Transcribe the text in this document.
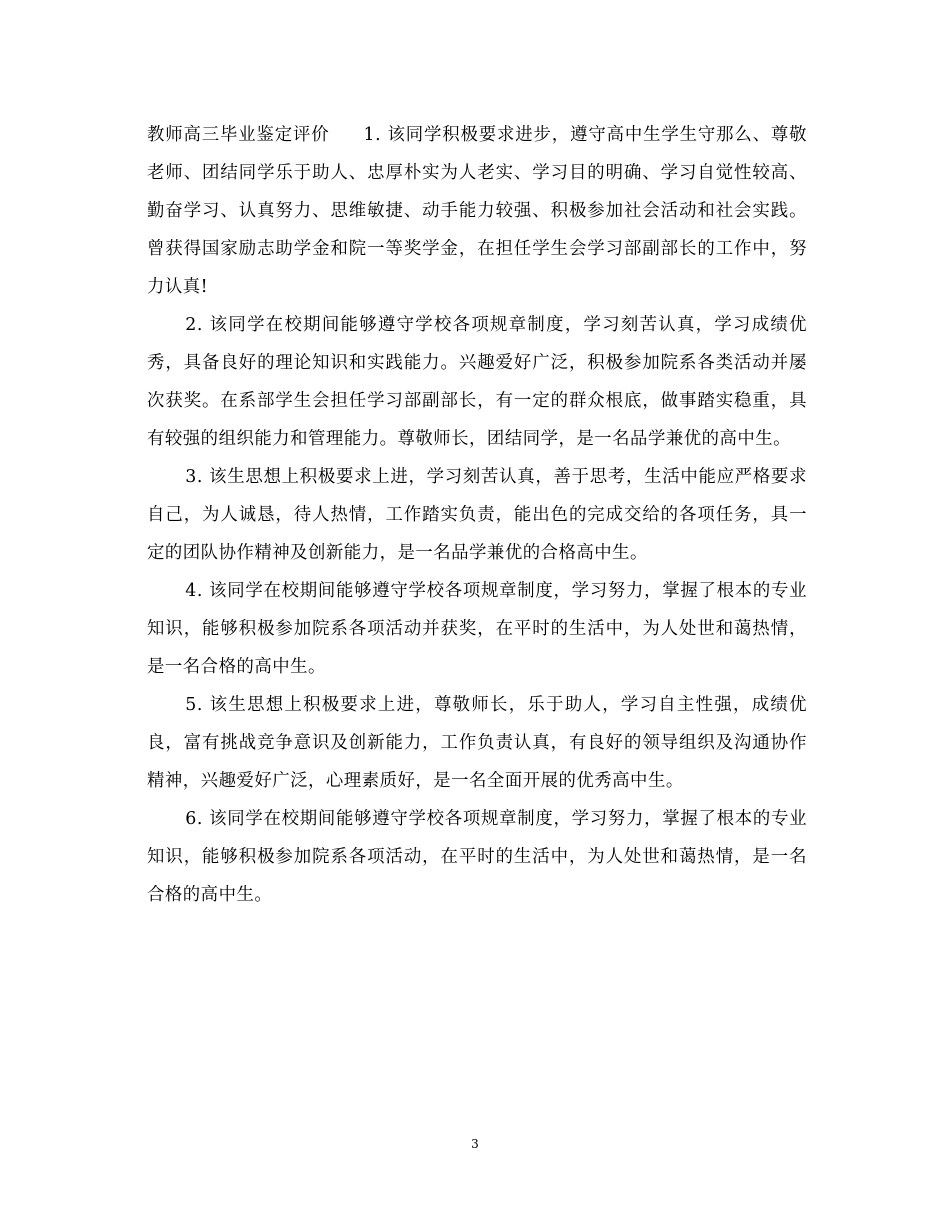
教师高三毕业鉴定评价 1. 该同学积极要求进步，遵守高中生学生守那么、尊敬老师、团结同学乐于助人、忠厚朴实为人老实、学习目的明确、学习自觉性较高、勤奋学习、认真努力、思维敏捷、动手能力较强、积极参加社会活动和社会实践。曾获得国家励志助学金和院一等奖学金，在担任学生会学习部副部长的工作中，努力认真!

2. 该同学在校期间能够遵守学校各项规章制度，学习刻苦认真，学习成绩优秀，具备良好的理论知识和实践能力。兴趣爱好广泛，积极参加院系各类活动并屡次获奖。在系部学生会担任学习部副部长，有一定的群众根底，做事踏实稳重，具有较强的组织能力和管理能力。尊敬师长，团结同学，是一名品学兼优的高中生。

3. 该生思想上积极要求上进，学习刻苦认真，善于思考，生活中能应严格要求自己，为人诚恳，待人热情，工作踏实负责，能出色的完成交给的各项任务，具一定的团队协作精神及创新能力，是一名品学兼优的合格高中生。

4. 该同学在校期间能够遵守学校各项规章制度，学习努力，掌握了根本的专业知识，能够积极参加院系各项活动并获奖，在平时的生活中，为人处世和蔼热情，是一名合格的高中生。

5. 该生思想上积极要求上进，尊敬师长，乐于助人，学习自主性强，成绩优良，富有挑战竞争意识及创新能力，工作负责认真，有良好的领导组织及沟通协作精神，兴趣爱好广泛，心理素质好，是一名全面开展的优秀高中生。

6. 该同学在校期间能够遵守学校各项规章制度，学习努力，掌握了根本的专业知识，能够积极参加院系各项活动，在平时的生活中，为人处世和蔼热情，是一名合格的高中生。

3
